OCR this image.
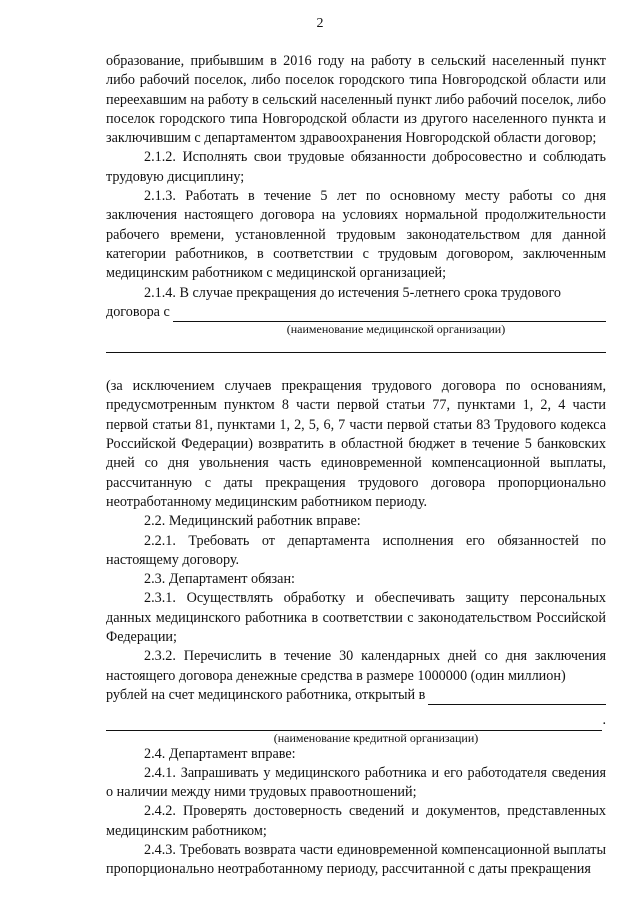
2

образование, прибывшим в 2016 году на работу в сельский населенный пункт либо рабочий поселок, либо поселок городского типа Новгородской области или переехавшим на работу в сельский населенный пункт либо рабочий поселок, либо поселок городского типа Новгородской области из другого населенного пункта и заключившим с департаментом здравоохранения Новгородской области договор;

2.1.2. Исполнять свои трудовые обязанности добросовестно и соблюдать трудовую дисциплину;

2.1.3. Работать в течение 5 лет по основному месту работы со дня заключения настоящего договора на условиях нормальной продолжительности рабочего времени, установленной трудовым законодательством для данной категории работников, в соответствии с трудовым договором, заключенным медицинским работником с медицинской организацией;

2.1.4. В случае прекращения до истечения 5-летнего срока трудового

договора с
(наименование медицинской организации)

(за исключением случаев прекращения трудового договора по основаниям, предусмотренным пунктом 8 части первой статьи 77, пунктами 1, 2, 4 части первой статьи 81, пунктами 1, 2, 5, 6, 7 части первой статьи 83 Трудового кодекса Российской Федерации) возвратить в областной бюджет в течение 5 банковских дней со дня увольнения часть единовременной компенсационной выплаты, рассчитанную с даты прекращения трудового договора пропорционально неотработанному медицинским работником периоду.

2.2. Медицинский работник вправе:

2.2.1. Требовать от департамента исполнения его обязанностей по настоящему договору.

2.3. Департамент обязан:

2.3.1. Осуществлять обработку и обеспечивать защиту персональных данных медицинского работника в соответствии с законодательством Российской Федерации;

2.3.2. Перечислить в течение 30 календарных дней со дня заключения настоящего договора денежные средства в размере 1000000 (один миллион)

рублей на счет медицинского работника, открытый в
.
(наименование кредитной организации)

2.4. Департамент вправе:

2.4.1. Запрашивать у медицинского работника и его работодателя сведения о наличии между ними трудовых правоотношений;

2.4.2. Проверять достоверность сведений и документов, представленных медицинским работником;

2.4.3. Требовать возврата части единовременной компенсационной выплаты пропорционально неотработанному периоду, рассчитанной с даты прекращения
